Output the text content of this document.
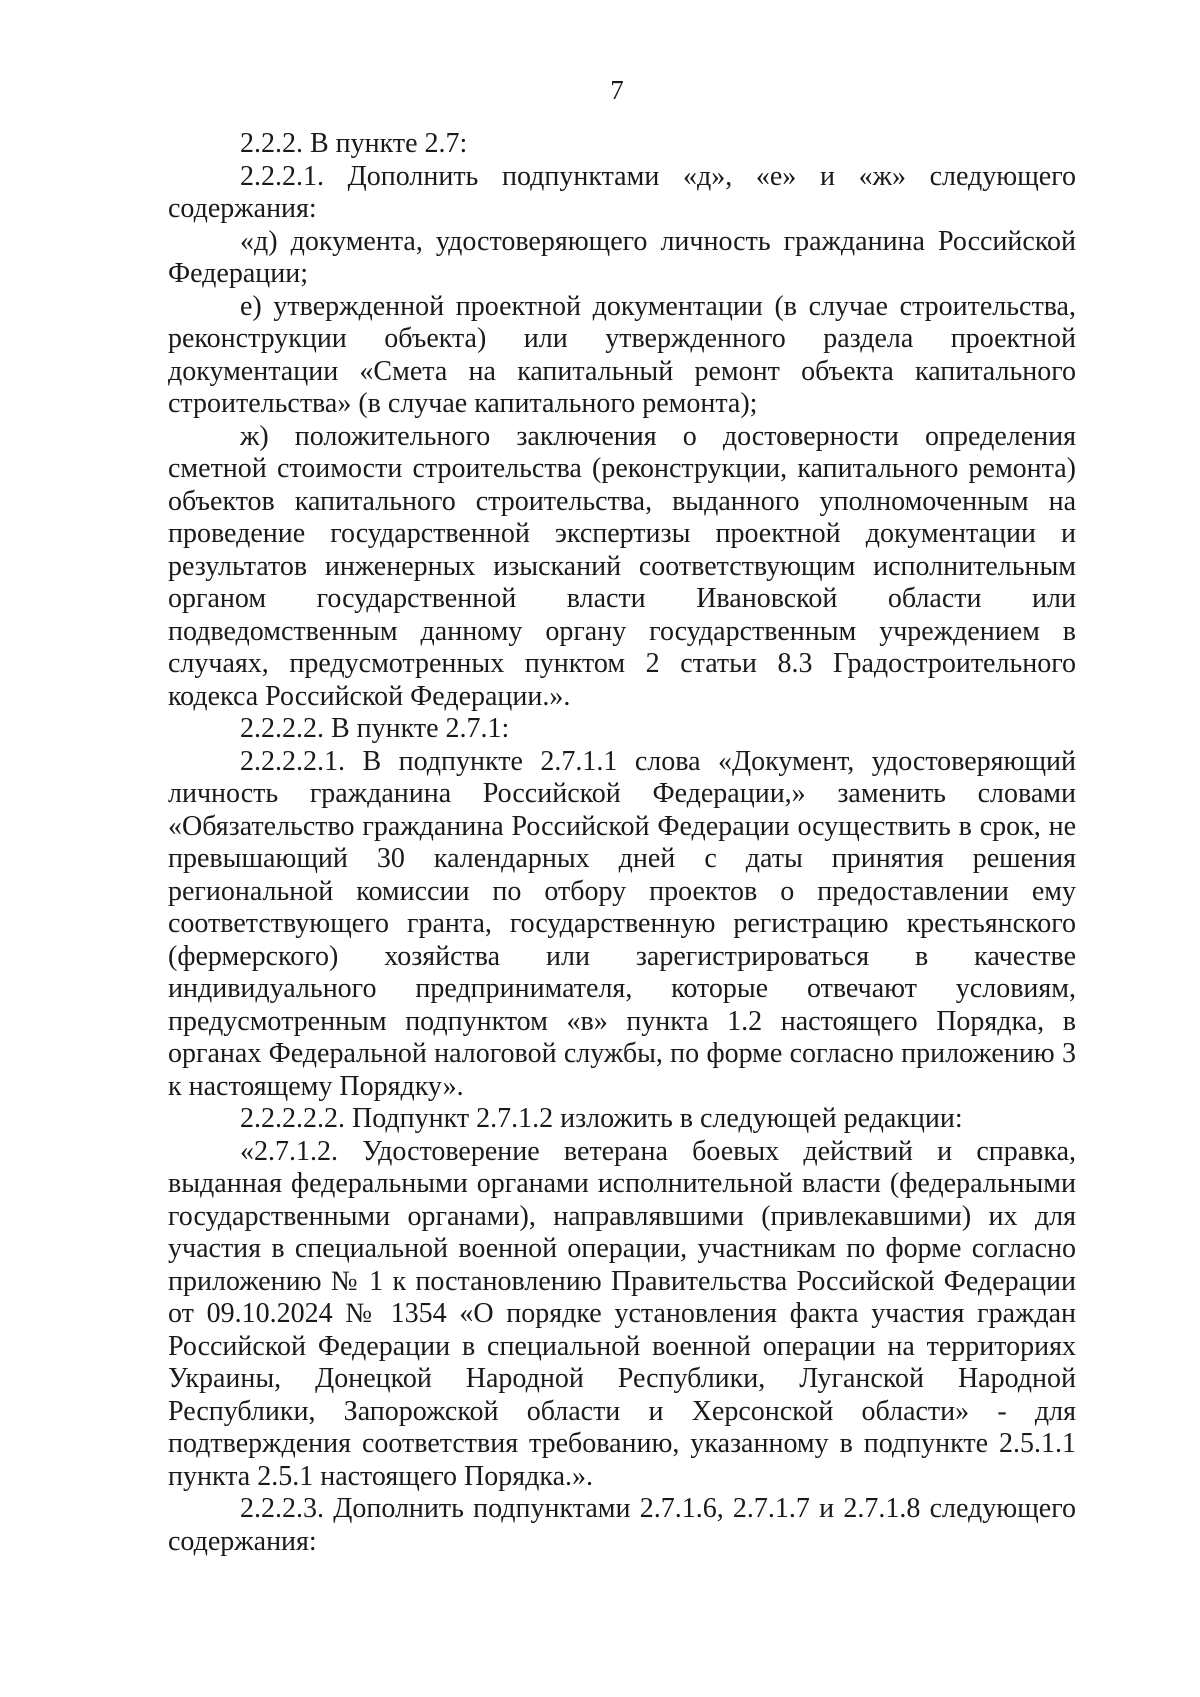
7

2.2.2. В пункте 2.7:

2.2.2.1. Дополнить подпунктами «д», «е» и «ж» следующего содержания:

«д) документа, удостоверяющего личность гражданина Российской Федерации;

е) утвержденной проектной документации (в случае строительства, реконструкции объекта) или утвержденного раздела проектной документации «Смета на капитальный ремонт объекта капитального строительства» (в случае капитального ремонта);

ж) положительного заключения о достоверности определения сметной стоимости строительства (реконструкции, капитального ремонта) объектов капитального строительства, выданного уполномоченным на проведение государственной экспертизы проектной документации и результатов инженерных изысканий соответствующим исполнительным органом государственной власти Ивановской области или подведомственным данному органу государственным учреждением в случаях, предусмотренных пунктом 2 статьи 8.3 Градостроительного кодекса Российской Федерации.».

2.2.2.2. В пункте 2.7.1:

2.2.2.2.1. В подпункте 2.7.1.1 слова «Документ, удостоверяющий личность гражданина Российской Федерации,» заменить словами «Обязательство гражданина Российской Федерации осуществить в срок, не превышающий 30 календарных дней с даты принятия решения региональной комиссии по отбору проектов о предоставлении ему соответствующего гранта, государственную регистрацию крестьянского (фермерского) хозяйства или зарегистрироваться в качестве индивидуального предпринимателя, которые отвечают условиям, предусмотренным подпунктом «в» пункта 1.2 настоящего Порядка, в органах Федеральной налоговой службы, по форме согласно приложению 3 к настоящему Порядку».

2.2.2.2.2. Подпункт 2.7.1.2 изложить в следующей редакции:

«2.7.1.2. Удостоверение ветерана боевых действий и справка, выданная федеральными органами исполнительной власти (федеральными государственными органами), направлявшими (привлекавшими) их для участия в специальной военной операции, участникам по форме согласно приложению № 1 к постановлению Правительства Российской Федерации от 09.10.2024 № 1354 «О порядке установления факта участия граждан Российской Федерации в специальной военной операции на территориях Украины, Донецкой Народной Республики, Луганской Народной Республики, Запорожской области и Херсонской области» - для подтверждения соответствия требованию, указанному в подпункте 2.5.1.1 пункта 2.5.1 настоящего Порядка.».

2.2.2.3. Дополнить подпунктами 2.7.1.6, 2.7.1.7 и 2.7.1.8 следующего содержания:
